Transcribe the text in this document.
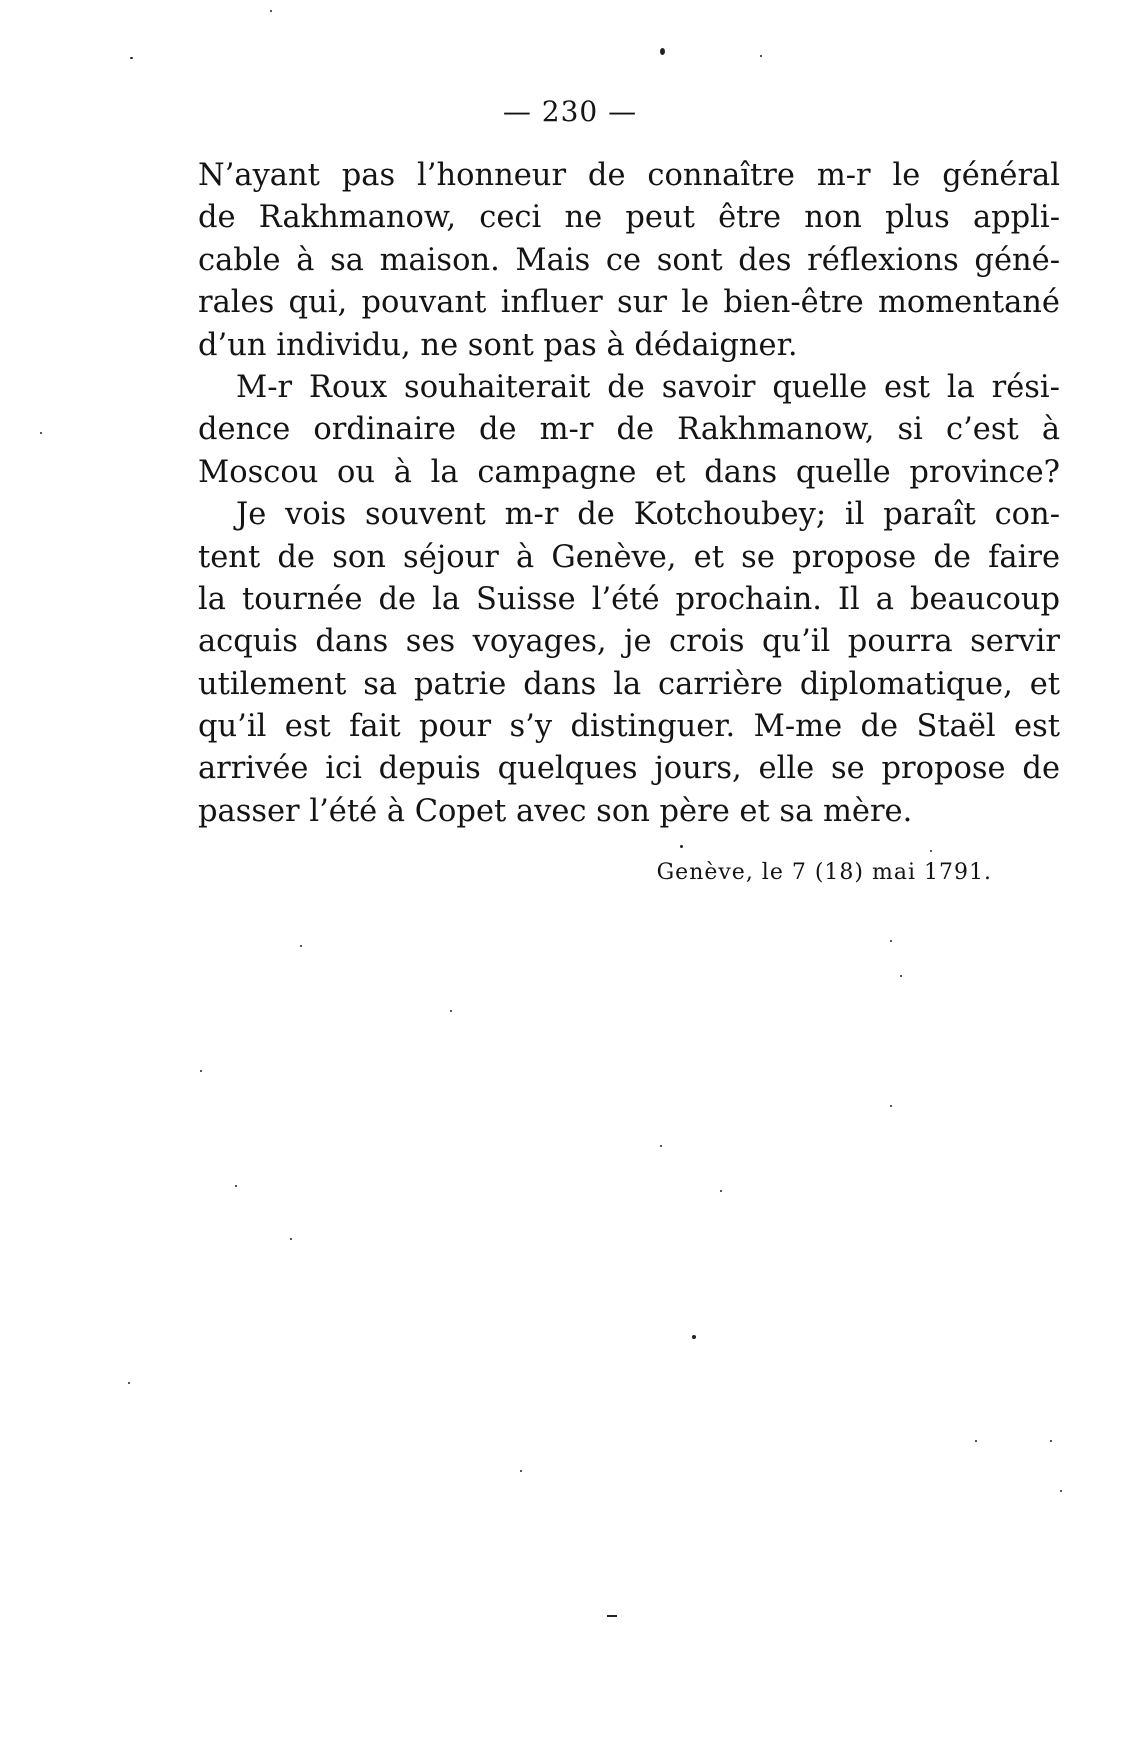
— 230 —
N’ayant pas l’honneur de connaître m-r le général
de Rakhmanow, ceci ne peut être non plus appli-
cable à sa maison. Mais ce sont des réflexions géné-
rales qui, pouvant influer sur le bien-être momentané
d’un individu, ne sont pas à dédaigner.
M-r Roux souhaiterait de savoir quelle est la rési-
dence ordinaire de m-r de Rakhmanow, si c’est à
Moscou ou à la campagne et dans quelle province?
Je vois souvent m-r de Kotchoubey; il paraît con-
tent de son séjour à Genève, et se propose de faire
la tournée de la Suisse l’été prochain. Il a beaucoup
acquis dans ses voyages, je crois qu’il pourra servir
utilement sa patrie dans la carrière diplomatique, et
qu’il est fait pour s’y distinguer. M-me de Staël est
arrivée ici depuis quelques jours, elle se propose de
passer l’été à Copet avec son père et sa mère.
Genève, le 7 (18) mai 1791.
